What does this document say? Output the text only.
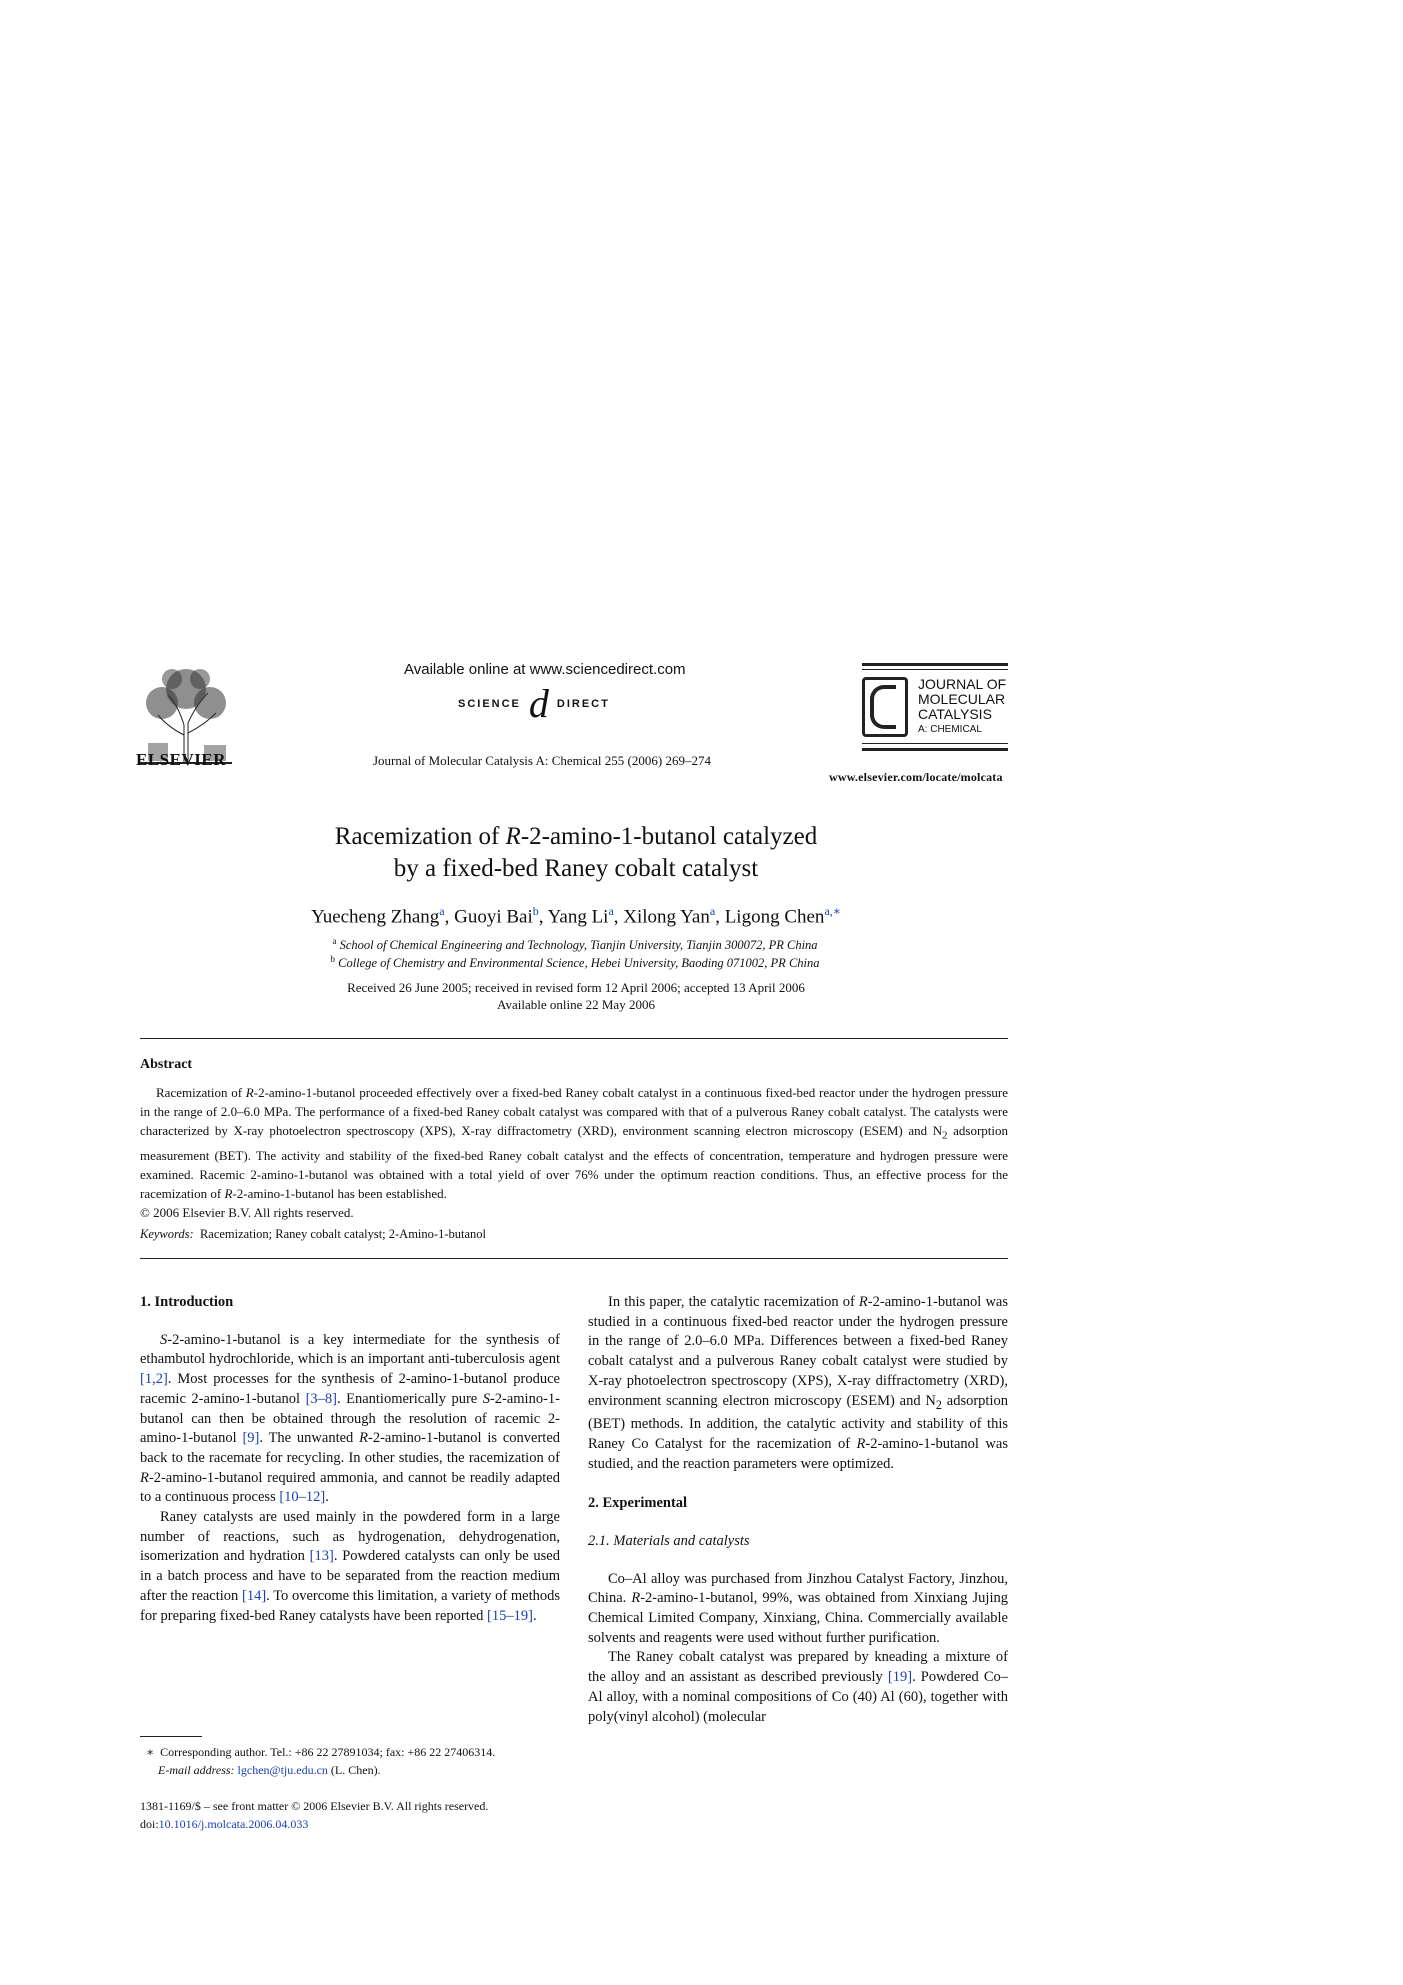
ELSEVIER
Available online at www.sciencedirect.com
SCIENCE d DIRECT
Journal of Molecular Catalysis A: Chemical 255 (2006) 269–274
JOURNAL OF
MOLECULAR
CATALYSIS
A: CHEMICAL
www.elsevier.com/locate/molcata
Racemization of R-2-amino-1-butanol catalyzed
by a fixed-bed Raney cobalt catalyst
Yuecheng Zhang$^a$, Guoyi Bai$^b$, Yang Li$^a$, Xilong Yan$^a$, Ligong Chen$^{a,∗}$
$^a$ School of Chemical Engineering and Technology, Tianjin University, Tianjin 300072, PR China
$^b$ College of Chemistry and Environmental Science, Hebei University, Baoding 071002, PR China
Received 26 June 2005; received in revised form 12 April 2006; accepted 13 April 2006
Available online 22 May 2006
Abstract
Racemization of R-2-amino-1-butanol proceeded effectively over a fixed-bed Raney cobalt catalyst in a continuous fixed-bed reactor under the hydrogen pressure in the range of 2.0–6.0 MPa. The performance of a fixed-bed Raney cobalt catalyst was compared with that of a pulverous Raney cobalt catalyst. The catalysts were characterized by X-ray photoelectron spectroscopy (XPS), X-ray diffractometry (XRD), environment scanning electron microscopy (ESEM) and $N_2$ adsorption measurement (BET). The activity and stability of the fixed-bed Raney cobalt catalyst and the effects of concentration, temperature and hydrogen pressure were examined. Racemic 2-amino-1-butanol was obtained with a total yield of over 76% under the optimum reaction conditions. Thus, an effective process for the racemization of R-2-amino-1-butanol has been established.
© 2006 Elsevier B.V. All rights reserved.
Keywords: Racemization; Raney cobalt catalyst; 2-Amino-1-butanol
1. Introduction

S-2-amino-1-butanol is a key intermediate for the synthesis of ethambutol hydrochloride, which is an important anti-tuberculosis agent [1,2]. Most processes for the synthesis of 2-amino-1-butanol produce racemic 2-amino-1-butanol [3–8]. Enantiomerically pure S-2-amino-1-butanol can then be obtained through the resolution of racemic 2-amino-1-butanol [9]. The unwanted R-2-amino-1-butanol is converted back to the racemate for recycling. In other studies, the racemization of R-2-amino-1-butanol required ammonia, and cannot be readily adapted to a continuous process [10–12].

Raney catalysts are used mainly in the powdered form in a large number of reactions, such as hydrogenation, dehydrogenation, isomerization and hydration [13]. Powdered catalysts can only be used in a batch process and have to be separated from the reaction medium after the reaction [14]. To overcome this limitation, a variety of methods for preparing fixed-bed Raney catalysts have been reported [15–19].

In this paper, the catalytic racemization of R-2-amino-1-butanol was studied in a continuous fixed-bed reactor under the hydrogen pressure in the range of 2.0–6.0 MPa. Differences between a fixed-bed Raney cobalt catalyst and a pulverous Raney cobalt catalyst were studied by X-ray photoelectron spectroscopy (XPS), X-ray diffractometry (XRD), environment scanning electron microscopy (ESEM) and $N_2$ adsorption (BET) methods. In addition, the catalytic activity and stability of this Raney Co Catalyst for the racemization of R-2-amino-1-butanol was studied, and the reaction parameters were optimized.

2. Experimental
2.1. Materials and catalysts

Co–Al alloy was purchased from Jinzhou Catalyst Factory, Jinzhou, China. R-2-amino-1-butanol, 99%, was obtained from Xinxiang Jujing Chemical Limited Company, Xinxiang, China. Commercially available solvents and reagents were used without further purification.

The Raney cobalt catalyst was prepared by kneading a mixture of the alloy and an assistant as described previously [19]. Powdered Co–Al alloy, with a nominal compositions of Co (40) Al (60), together with poly(vinyl alcohol) (molecular

∗ Corresponding author. Tel.: +86 22 27891034; fax: +86 22 27406314.
E-mail address: lgchen@tju.edu.cn (L. Chen).
1381-1169/$ – see front matter © 2006 Elsevier B.V. All rights reserved.
doi:10.1016/j.molcata.2006.04.033
